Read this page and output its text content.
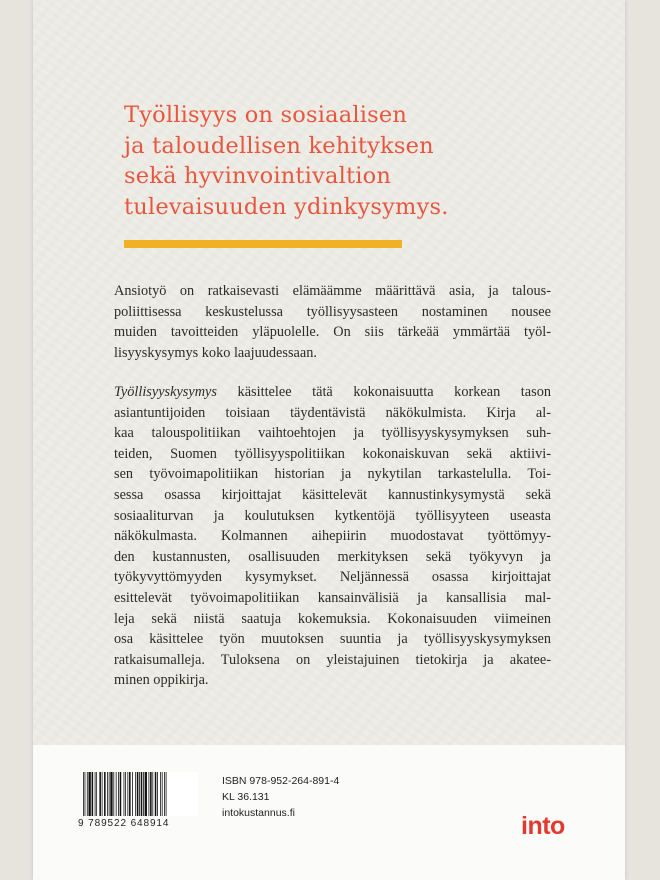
Työllisyys on sosiaalisen
ja taloudellisen kehityksen
sekä hyvinvointivaltion
tulevaisuuden ydinkysymys.
Ansiotyö on ratkaisevasti elämäämme määrittävä asia, ja talous-
poliittisessa keskustelussa työllisyysasteen nostaminen nousee
muiden tavoitteiden yläpuolelle. On siis tärkeää ymmärtää työl-
lisyyskysymys koko laajuudessaan.
Työllisyyskysymys käsittelee tätä kokonaisuutta korkean tason
asiantuntijoiden toisiaan täydentävistä näkökulmista. Kirja al-
kaa talouspolitiikan vaihtoehtojen ja työllisyyskysymyksen suh-
teiden, Suomen työllisyyspolitiikan kokonaiskuvan sekä aktiivi-
sen työvoimapolitiikan historian ja nykytilan tarkastelulla. Toi-
sessa osassa kirjoittajat käsittelevät kannustinkysymystä sekä
sosiaaliturvan ja koulutuksen kytkentöjä työllisyyteen useasta
näkökulmasta. Kolmannen aihepiirin muodostavat työttömyy-
den kustannusten, osallisuuden merkityksen sekä työkyvyn ja
työkyvyttömyyden kysymykset. Neljännessä osassa kirjoittajat
esittelevät työvoimapolitiikan kansainvälisiä ja kansallisia mal-
leja sekä niistä saatuja kokemuksia. Kokonaisuuden viimeinen
osa käsittelee työn muutoksen suuntia ja työllisyyskysymyksen
ratkaisumalleja. Tuloksena on yleistajuinen tietokirja ja akatee-
minen oppikirja.
9 789522 648914
ISBN 978-952-264-891-4
KL 36.131
intokustannus.fi	into
